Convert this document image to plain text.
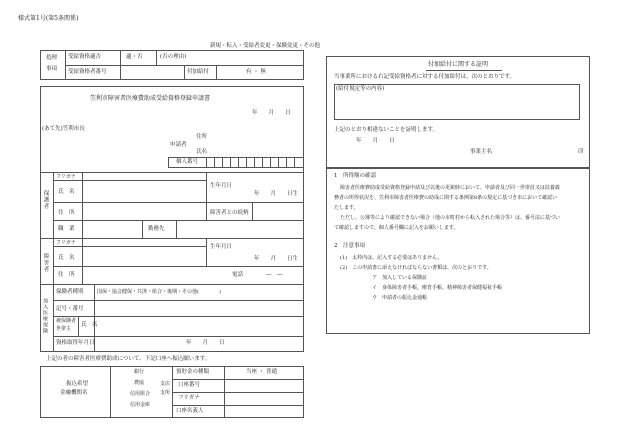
様式第1号(第5条関係)
新規・転入・受給者変更・保険変更・その他
処理
事項
受給資格適否	適・否	(否の理由)
受給資格者番号	付加給付	有 ・ 無
笠利市障害者医療費助成受給資格登録申請書
年　　月　　日
(あて先)笠利市長
住所
申請者
氏名
個人番号
保護者
フリガナ
氏　名
生年月日
年　　月　　日生
住　所	障害者との続柄
職　業	勤務先
障害者
フリガナ
氏　名
生年月日
年　　月　　日生
住　所	電話	―　―
加入医療保険
保険者種別	国保・協会健保・共済・組合・後期・その他(　　　　)
記号・番号
被保険者
世帯主
氏　名
資格取得年月日	年　　月　　日
上記の者の障害者医療費助成について、下記口座へ振込願います。
振込希望
金融機関名
銀行
農協
信用組合
信用金庫
支店
支所
預貯金の種類	当座 ・ 普通
口座番号
フリガナ
口座名義人
付加給付に関する証明
当事業所における右記受給資格者に対する付加給付は、次のとおりです。
(給付規定等の内容)
上記のとおり相違ないことを証明します。
年　　月　　日
事業主名	印
1　所得額の確認
障害者医療費助成受給資格登録申請及び以後の更新時において、申請者及び同一世帯員又は扶養義
務者の所得状況を、笠利市障害者医療費の助成に関する条例第8条の規定に基づき市において確認い
たします。
ただし、公簿等により確認できない場合（他の市町村から転入された場合等）は、番号法に基づい
て確認しますので、個人番号欄に記入をお願いします。
2　注意事項
(1)　太枠内は、記入する必要はありません。
(2)　この申請書に添えなければならない書類は、次のとおりです。
ア　加入している保険証
イ　身体障害者手帳、療育手帳、精神障害者保健福祉手帳
ウ　申請者の振込金通帳
